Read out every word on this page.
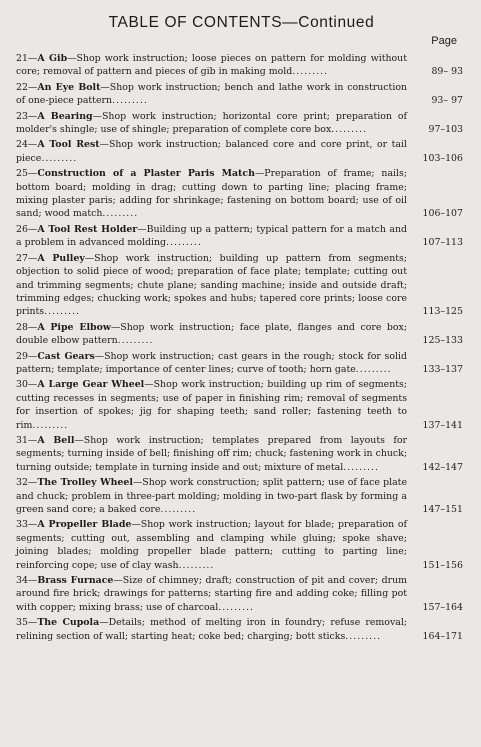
TABLE OF CONTENTS—Continued
Page
21—A Gib—Shop work instruction; loose pieces on pattern for molding without core; removal of pattern and pieces of gib in making mold.........	89– 93
22—An Eye Bolt—Shop work instruction; bench and lathe work in construction of one-piece pattern.........	93– 97
23—A Bearing—Shop work instruction; horizontal core print; preparation of molder's shingle; use of shingle; preparation of complete core box.........	97–103
24—A Tool Rest—Shop work instruction; balanced core and core print, or tail piece.........	103–106
25—Construction of a Plaster Paris Match—Preparation of frame; nails; bottom board; molding in drag; cutting down to parting line; placing frame; mixing plaster paris; adding for shrinkage; fastening on bottom board; use of oil sand; wood match.........	106–107
26—A Tool Rest Holder—Building up a pattern; typical pattern for a match and a problem in advanced molding.........	107–113
27—A Pulley—Shop work instruction; building up pattern from segments; objection to solid piece of wood; preparation of face plate; template; cutting out and trimming segments; chute plane; sanding machine; inside and outside draft; trimming edges; chucking work; spokes and hubs; tapered core prints; loose core prints.........	113–125
28—A Pipe Elbow—Shop work instruction; face plate, flanges and core box; double elbow pattern.........	125–133
29—Cast Gears—Shop work instruction; cast gears in the rough; stock for solid pattern; template; importance of center lines; curve of tooth; horn gate.........	133–137
30—A Large Gear Wheel—Shop work instruction; building up rim of segments; cutting recesses in segments; use of paper in finishing rim; removal of segments for insertion of spokes; jig for shaping teeth; sand roller; fastening teeth to rim.........	137–141
31—A Bell—Shop work instruction; templates prepared from layouts for segments; turning inside of bell; finishing off rim; chuck; fastening work in chuck; turning outside; template in turning inside and out; mixture of metal.........	142–147
32—The Trolley Wheel—Shop work construction; split pattern; use of face plate and chuck; problem in three-part molding; molding in two-part flask by forming a green sand core; a baked core.........	147–151
33—A Propeller Blade—Shop work instruction; layout for blade; preparation of segments; cutting out, assembling and clamping while gluing; spoke shave; joining blades; molding propeller blade pattern; cutting to parting line; reinforcing cope; use of clay wash.........	151–156
34—Brass Furnace—Size of chimney; draft; construction of pit and cover; drum around fire brick; drawings for patterns; starting fire and adding coke; filling pot with copper; mixing brass; use of charcoal.........	157–164
35—The Cupola—Details; method of melting iron in foundry; refuse removal; relining section of wall; starting heat; coke bed; charging; bott sticks.........	164–171
